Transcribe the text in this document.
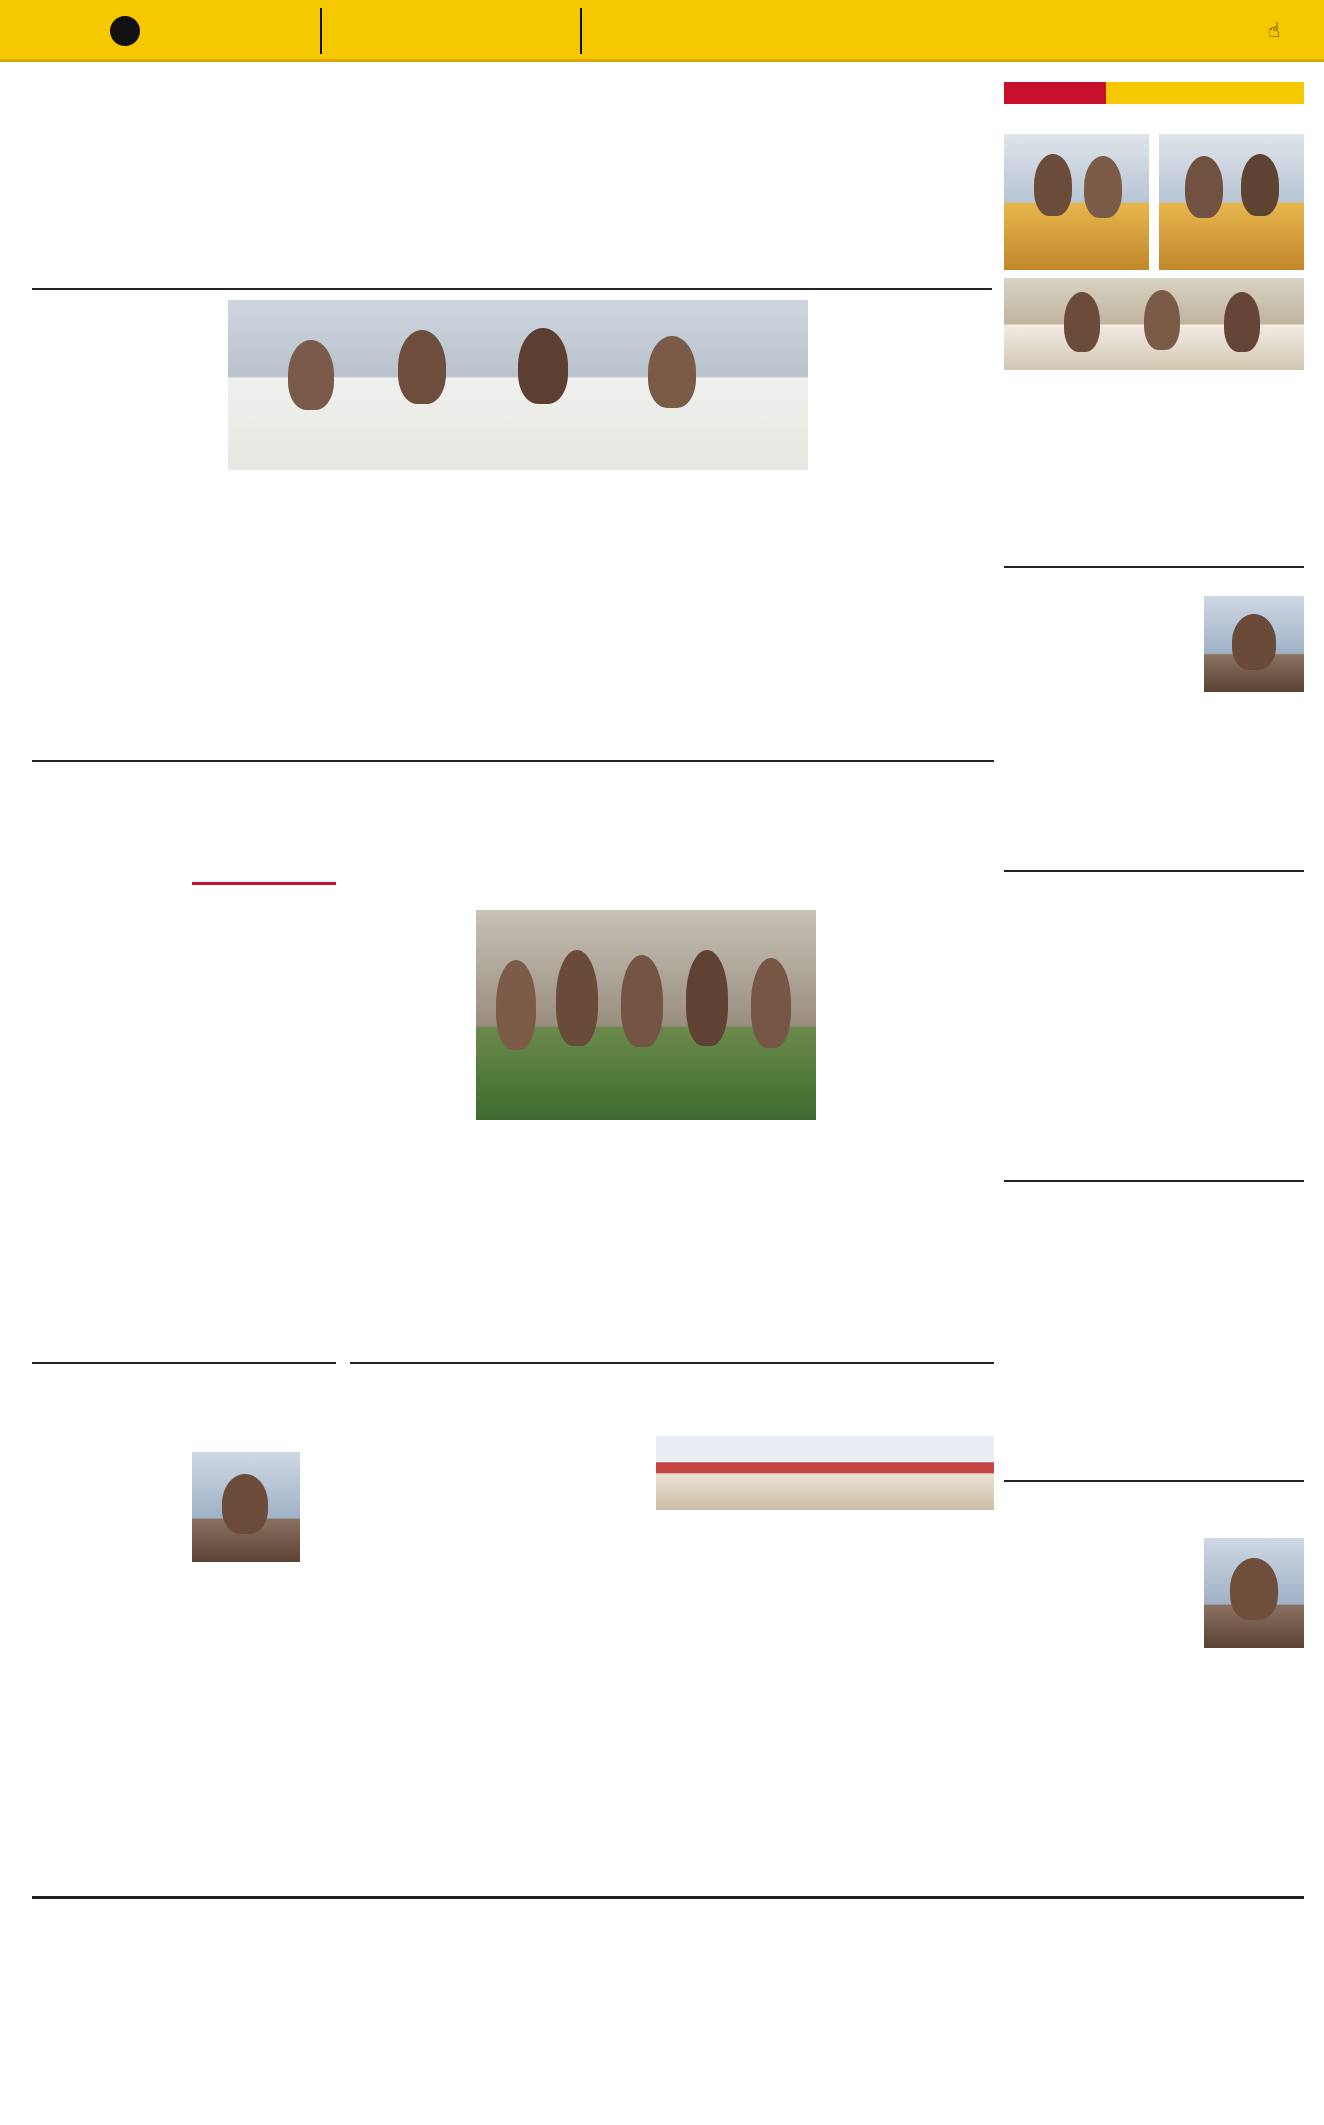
☝
